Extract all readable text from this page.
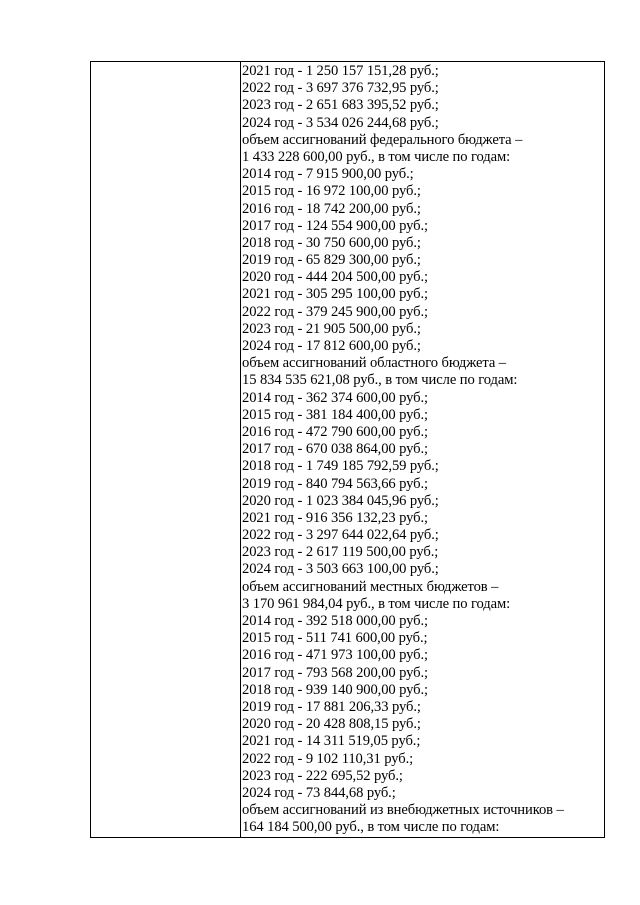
2021 год - 1 250 157 151,28 руб.;
2022 год - 3 697 376 732,95 руб.;
2023 год - 2 651 683 395,52 руб.;
2024 год - 3 534 026 244,68 руб.;
объем ассигнований федерального бюджета –
1 433 228 600,00 руб., в том числе по годам:
2014 год - 7 915 900,00 руб.;
2015 год - 16 972 100,00 руб.;
2016 год - 18 742 200,00 руб.;
2017 год - 124 554 900,00 руб.;
2018 год - 30 750 600,00 руб.;
2019 год - 65 829 300,00 руб.;
2020 год - 444 204 500,00 руб.;
2021 год - 305 295 100,00 руб.;
2022 год - 379 245 900,00 руб.;
2023 год - 21 905 500,00 руб.;
2024 год - 17 812 600,00 руб.;
объем ассигнований областного бюджета –
15 834 535 621,08 руб., в том числе по годам:
2014 год - 362 374 600,00 руб.;
2015 год - 381 184 400,00 руб.;
2016 год - 472 790 600,00 руб.;
2017 год - 670 038 864,00 руб.;
2018 год - 1 749 185 792,59 руб.;
2019 год - 840 794 563,66 руб.;
2020 год - 1 023 384 045,96 руб.;
2021 год - 916 356 132,23 руб.;
2022 год - 3 297 644 022,64 руб.;
2023 год - 2 617 119 500,00 руб.;
2024 год - 3 503 663 100,00 руб.;
объем ассигнований местных бюджетов –
3 170 961 984,04 руб., в том числе по годам:
2014 год - 392 518 000,00 руб.;
2015 год - 511 741 600,00 руб.;
2016 год - 471 973 100,00 руб.;
2017 год - 793 568 200,00 руб.;
2018 год - 939 140 900,00 руб.;
2019 год - 17 881 206,33 руб.;
2020 год - 20 428 808,15 руб.;
2021 год - 14 311 519,05 руб.;
2022 год - 9 102 110,31 руб.;
2023 год - 222 695,52 руб.;
2024 год - 73 844,68 руб.;
объем ассигнований из внебюджетных источников –
164 184 500,00 руб., в том числе по годам:
